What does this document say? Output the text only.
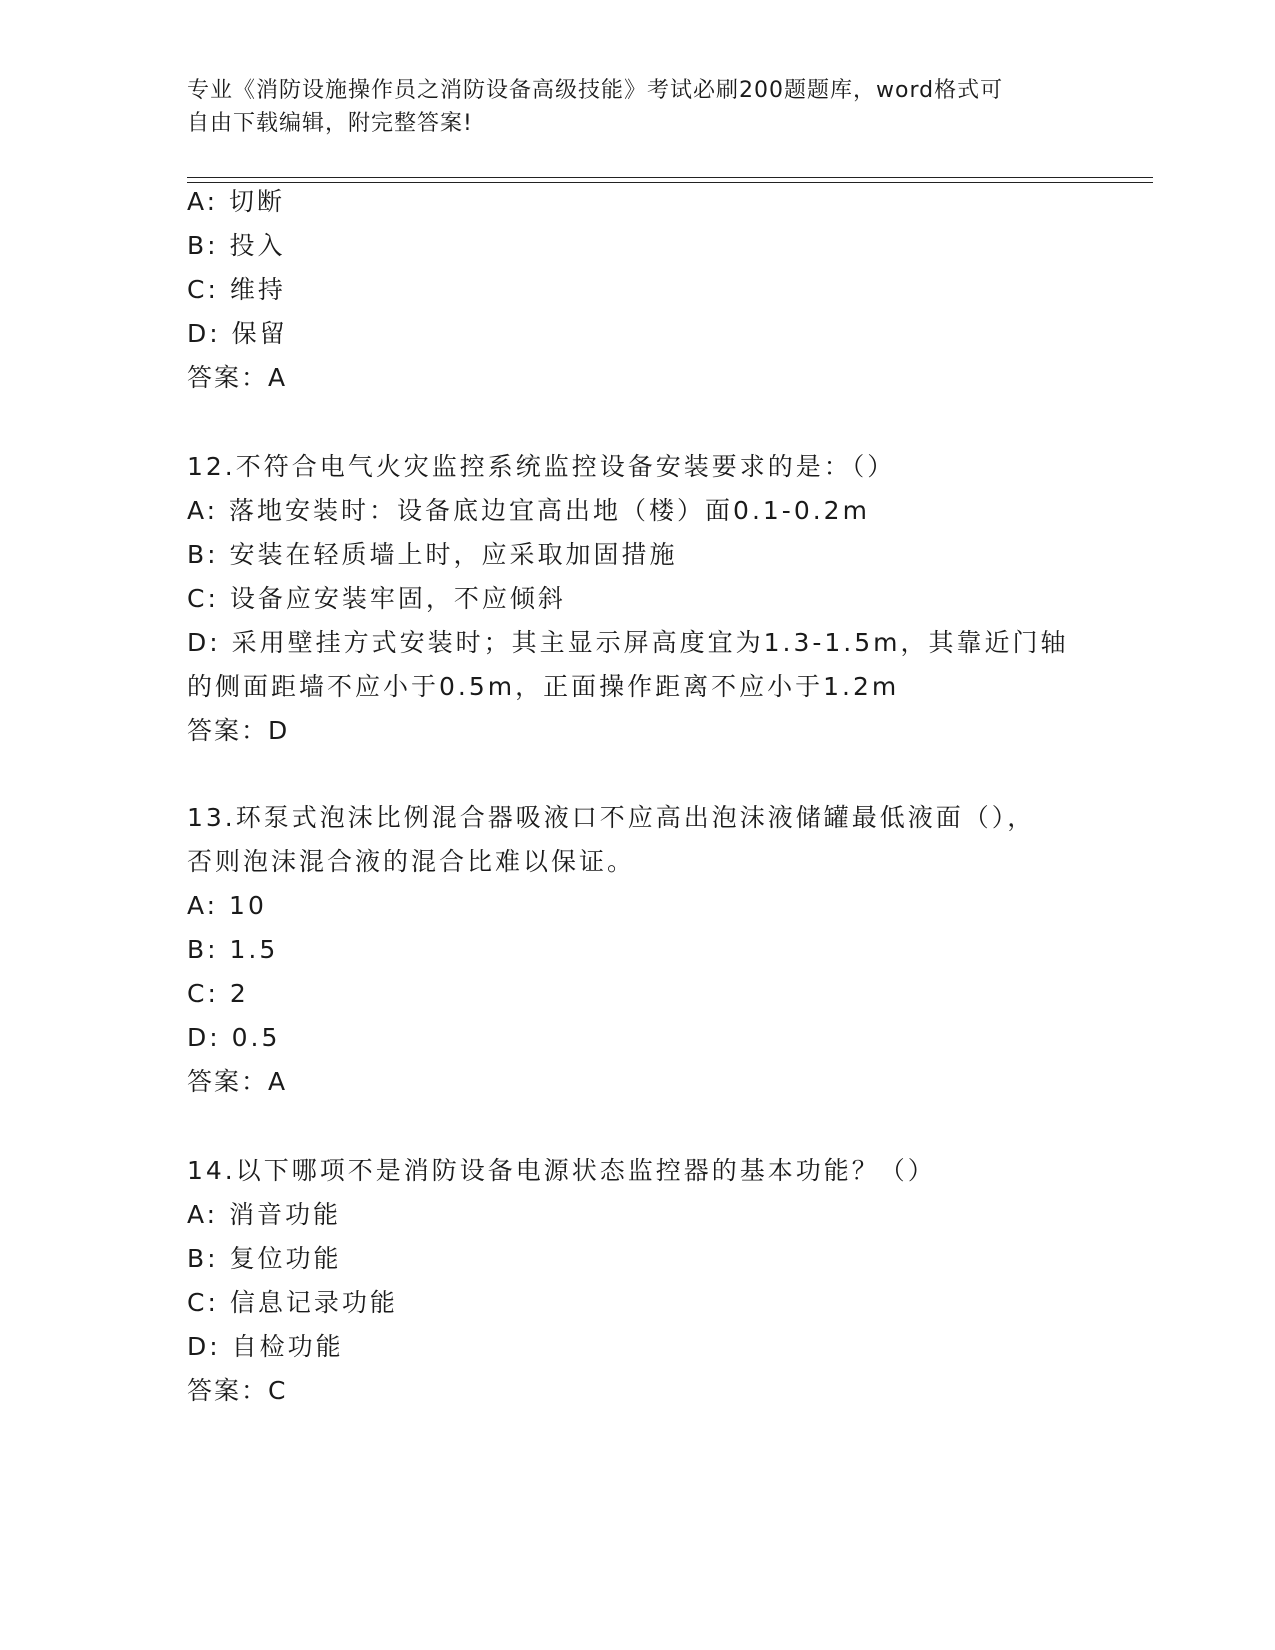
专业《消防设施操作员之消防设备高级技能》考试必刷200题题库，word格式可
自由下载编辑，附完整答案!
A: 切断
B: 投入
C: 维持
D: 保留
答案：A
12.不符合电气火灾监控系统监控设备安装要求的是：（）
A: 落地安装时：设备底边宜高出地（楼）面0.1-0.2m
B: 安装在轻质墙上时，应采取加固措施
C: 设备应安装牢固，不应倾斜
D: 采用壁挂方式安装时；其主显示屏高度宜为1.3-1.5m，其靠近门轴
的侧面距墙不应小于0.5m，正面操作距离不应小于1.2m
答案：D
13.环泵式泡沫比例混合器吸液口不应高出泡沫液储罐最低液面（），
否则泡沫混合液的混合比难以保证。
A: 10
B: 1.5
C: 2
D: 0.5
答案：A
14.以下哪项不是消防设备电源状态监控器的基本功能？（）
A: 消音功能
B: 复位功能
C: 信息记录功能
D: 自检功能
答案：C
